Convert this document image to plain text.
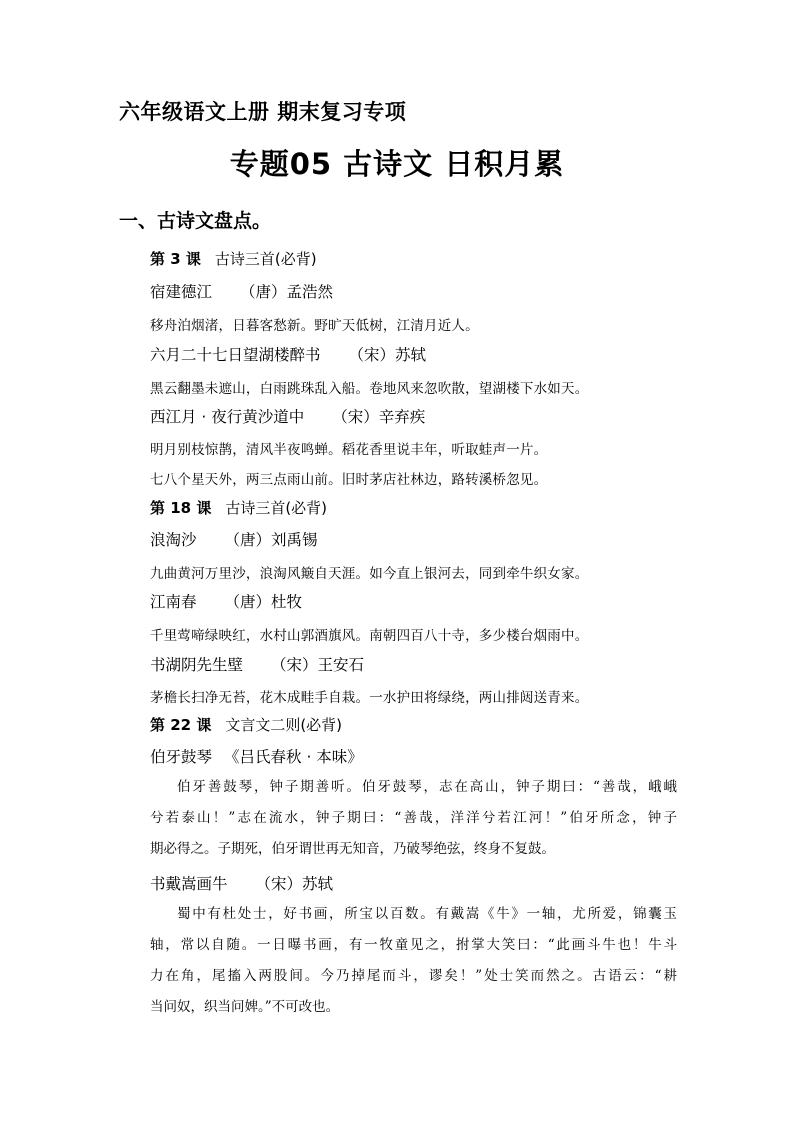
六年级语文上册 期末复习专项
专题05 古诗文 日积月累
一、古诗文盘点。
第 3 课 古诗三首(必背)
宿建德江 （唐）孟浩然
移舟泊烟渚，日暮客愁新。野旷天低树，江清月近人。
六月二十七日望湖楼醉书 （宋）苏轼
黑云翻墨未遮山，白雨跳珠乱入船。卷地风来忽吹散，望湖楼下水如天。
西江月 · 夜行黄沙道中 （宋）辛弃疾
明月别枝惊鹊，清风半夜鸣蝉。稻花香里说丰年，听取蛙声一片。
七八个星天外，两三点雨山前。旧时茅店社林边，路转溪桥忽见。
第 18 课 古诗三首(必背)
浪淘沙 （唐）刘禹锡
九曲黄河万里沙，浪淘风簸自天涯。如今直上银河去，同到牵牛织女家。
江南春 （唐）杜牧
千里莺啼绿映红，水村山郭酒旗风。南朝四百八十寺，多少楼台烟雨中。
书湖阴先生壁 （宋）王安石
茅檐长扫净无苔，花木成畦手自栽。一水护田将绿绕，两山排闼送青来。
第 22 课 文言文二则(必背)
伯牙鼓琴 《吕氏春秋 · 本味》
伯牙善鼓琴，钟子期善听。伯牙鼓琴，志在高山，钟子期曰：“善哉，峨峨
兮若泰山！”志在流水，钟子期曰：“善哉，洋洋兮若江河！”伯牙所念，钟子
期必得之。子期死，伯牙谓世再无知音，乃破琴绝弦，终身不复鼓。
书戴嵩画牛 （宋）苏轼
蜀中有杜处士，好书画，所宝以百数。有戴嵩《牛》一轴，尤所爱，锦囊玉
轴，常以自随。一日曝书画，有一牧童见之，拊掌大笑曰：“此画斗牛也！牛斗
力在角，尾搐入两股间。今乃掉尾而斗，谬矣！”处士笑而然之。古语云：“耕
当问奴，织当问婢。”不可改也。
